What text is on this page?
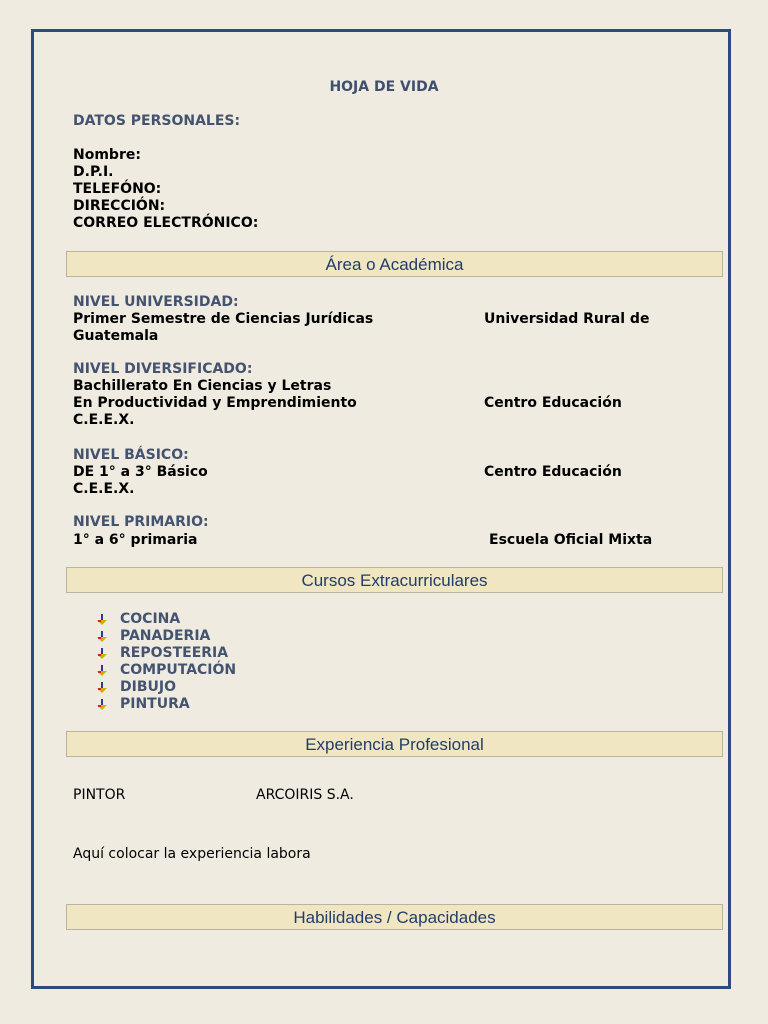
HOJA DE VIDA
DATOS PERSONALES:
Nombre:
D.P.I.
TELEFÓNO:
DIRECCIÓN:
CORREO ELECTRÓNICO:
Área o Académica
NIVEL UNIVERSIDAD:
Primer Semestre de Ciencias Jurídicas
Guatemala
Universidad Rural de
NIVEL DIVERSIFICADO:
Bachillerato En Ciencias y Letras
En Productividad y Emprendimiento
C.E.E.X.
Centro Educación
NIVEL BÁSICO:
DE 1° a 3° Básico
C.E.E.X.
Centro Educación
NIVEL PRIMARIO:
1° a 6° primaria	Escuela Oficial Mixta
Cursos Extracurriculares
COCINA
PANADERIA
REPOSTEERIA
COMPUTACIÓN
DIBUJO
PINTURA
Experiencia Profesional
PINTOR	ARCOIRIS S.A.
Aquí colocar la experiencia labora
Habilidades / Capacidades
